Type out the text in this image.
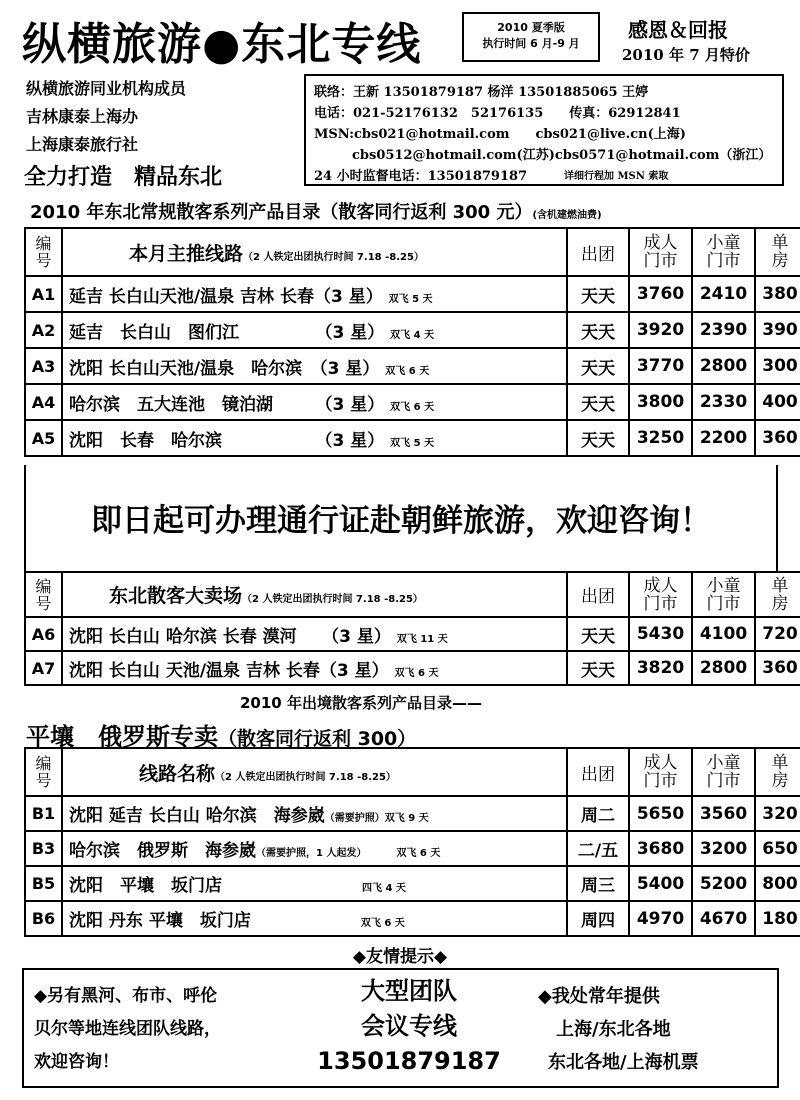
纵横旅游●东北专线	2010 夏季版
执行时间 6 月-9 月
感恩＆回报
2010 年 7 月特价
纵横旅游同业机构成员
吉林康泰上海办
上海康泰旅行社
全力打造　精品东北
联络：王新 13501879187 杨洋 13501885065 王婷
电话：021-52176132　52176135　　传真：62912841
MSN:cbs021@hotmail.com　　cbs021@live.cn(上海)
cbs0512@hotmail.com(江苏)cbs0571@hotmail.com（浙江）
24 小时监督电话：13501879187	详细行程加 MSN 索取
2010 年东北常规散客系列产品目录（散客同行返利 300 元）(含机建燃油费)
编号	本月主推线路（2 人铁定出团执行时间 7.18 -8.25）	出团	成人门市	小童门市	单房
A1	延吉 长白山天池/温泉 吉林 长春（3 星） 双飞 5 天	天天	3760	2410	380
A2	延吉　长白山　图们江　　　　　（3 星） 双飞 4 天	天天	3920	2390	390
A3	沈阳 长白山天池/温泉　哈尔滨　（3 星） 双飞 6 天	天天	3770	2800	300
A4	哈尔滨　五大连池　镜泊湖　　　（3 星） 双飞 6 天	天天	3800	2330	400
A5	沈阳　长春　哈尔滨　　　　　　（3 星） 双飞 5 天	天天	3250	2200	360
即日起可办理通行证赴朝鲜旅游，欢迎咨询！
编号	东北散客大卖场（2 人铁定出团执行时间 7.18 -8.25）	出团	成人门市	小童门市	单房
A6	沈阳 长白山 哈尔滨 长春 漠河　　（3 星） 双飞 11 天	天天	5430	4100	720
A7	沈阳 长白山 天池/温泉 吉林 长春（3 星） 双飞 6 天	天天	3820	2800	360
2010 年出境散客系列产品目录——
平壤　俄罗斯专卖（散客同行返利 300）
编号	线路名称（2 人铁定出团执行时间 7.18 -8.25）	出团	成人门市	小童门市	单房
B1	沈阳 延吉 长白山 哈尔滨　海参崴（需要护照）双飞 9 天	周二	5650	3560	320
B3	哈尔滨　俄罗斯　海参崴（需要护照，1 人起发） 双飞 6 天	二/五	3680	3200	650
B5	沈阳　平壤　坂门店 四飞 4 天	周三	5400	5200	800
B6	沈阳 丹东 平壤　坂门店 双飞 6 天	周四	4970	4670	180
◆友情提示◆
◆另有黑河、布市、呼伦
贝尔等地连线团队线路，
欢迎咨询！
大型团队
会议专线
13501879187
◆我处常年提供
上海/东北各地
东北各地/上海机票
